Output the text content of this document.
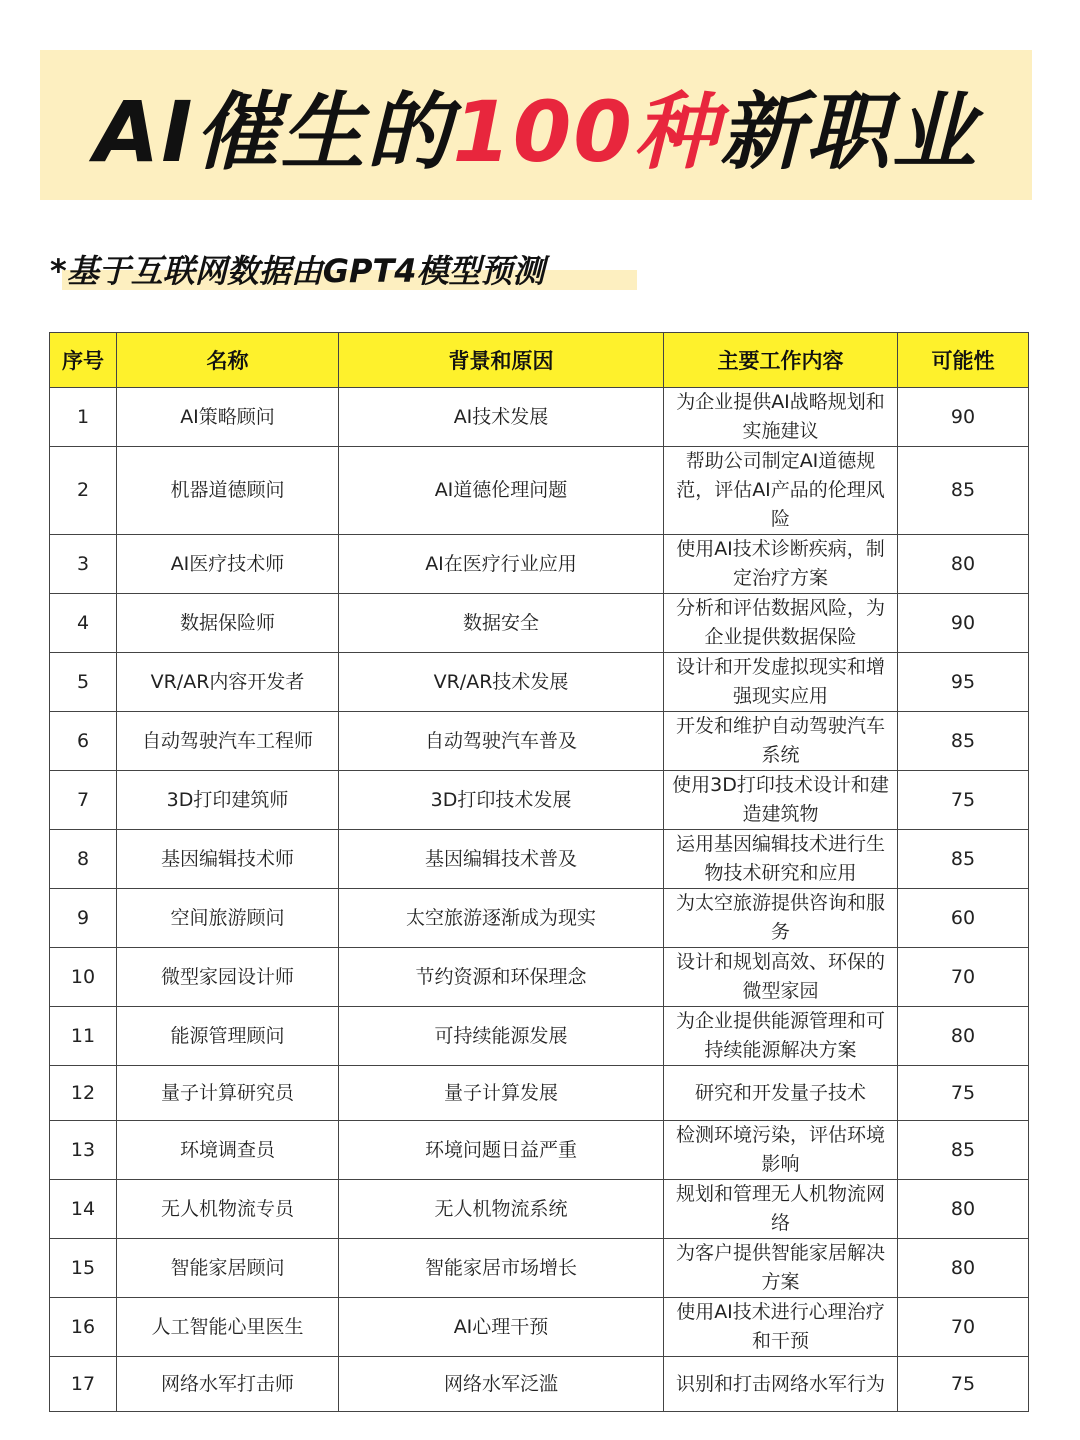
AI催生的 100种 新职业
*基于互联网数据由GPT4模型预测
序号	名称	背景和原因	主要工作内容	可能性
1	AI策略顾问	AI技术发展	为企业提供AI战略规划和实施建议	90
2	机器道德顾问	AI道德伦理问题	帮助公司制定AI道德规范，评估AI产品的伦理风险	85
3	AI医疗技术师	AI在医疗行业应用	使用AI技术诊断疾病，制定治疗方案	80
4	数据保险师	数据安全	分析和评估数据风险，为企业提供数据保险	90
5	VR/AR内容开发者	VR/AR技术发展	设计和开发虚拟现实和增强现实应用	95
6	自动驾驶汽车工程师	自动驾驶汽车普及	开发和维护自动驾驶汽车系统	85
7	3D打印建筑师	3D打印技术发展	使用3D打印技术设计和建造建筑物	75
8	基因编辑技术师	基因编辑技术普及	运用基因编辑技术进行生物技术研究和应用	85
9	空间旅游顾问	太空旅游逐渐成为现实	为太空旅游提供咨询和服务	60
10	微型家园设计师	节约资源和环保理念	设计和规划高效、环保的微型家园	70
11	能源管理顾问	可持续能源发展	为企业提供能源管理和可持续能源解决方案	80
12	量子计算研究员	量子计算发展	研究和开发量子技术	75
13	环境调查员	环境问题日益严重	检测环境污染，评估环境影响	85
14	无人机物流专员	无人机物流系统	规划和管理无人机物流网络	80
15	智能家居顾问	智能家居市场增长	为客户提供智能家居解决方案	80
16	人工智能心里医生	AI心理干预	使用AI技术进行心理治疗和干预	70
17	网络水军打击师	网络水军泛滥	识别和打击网络水军行为	75
